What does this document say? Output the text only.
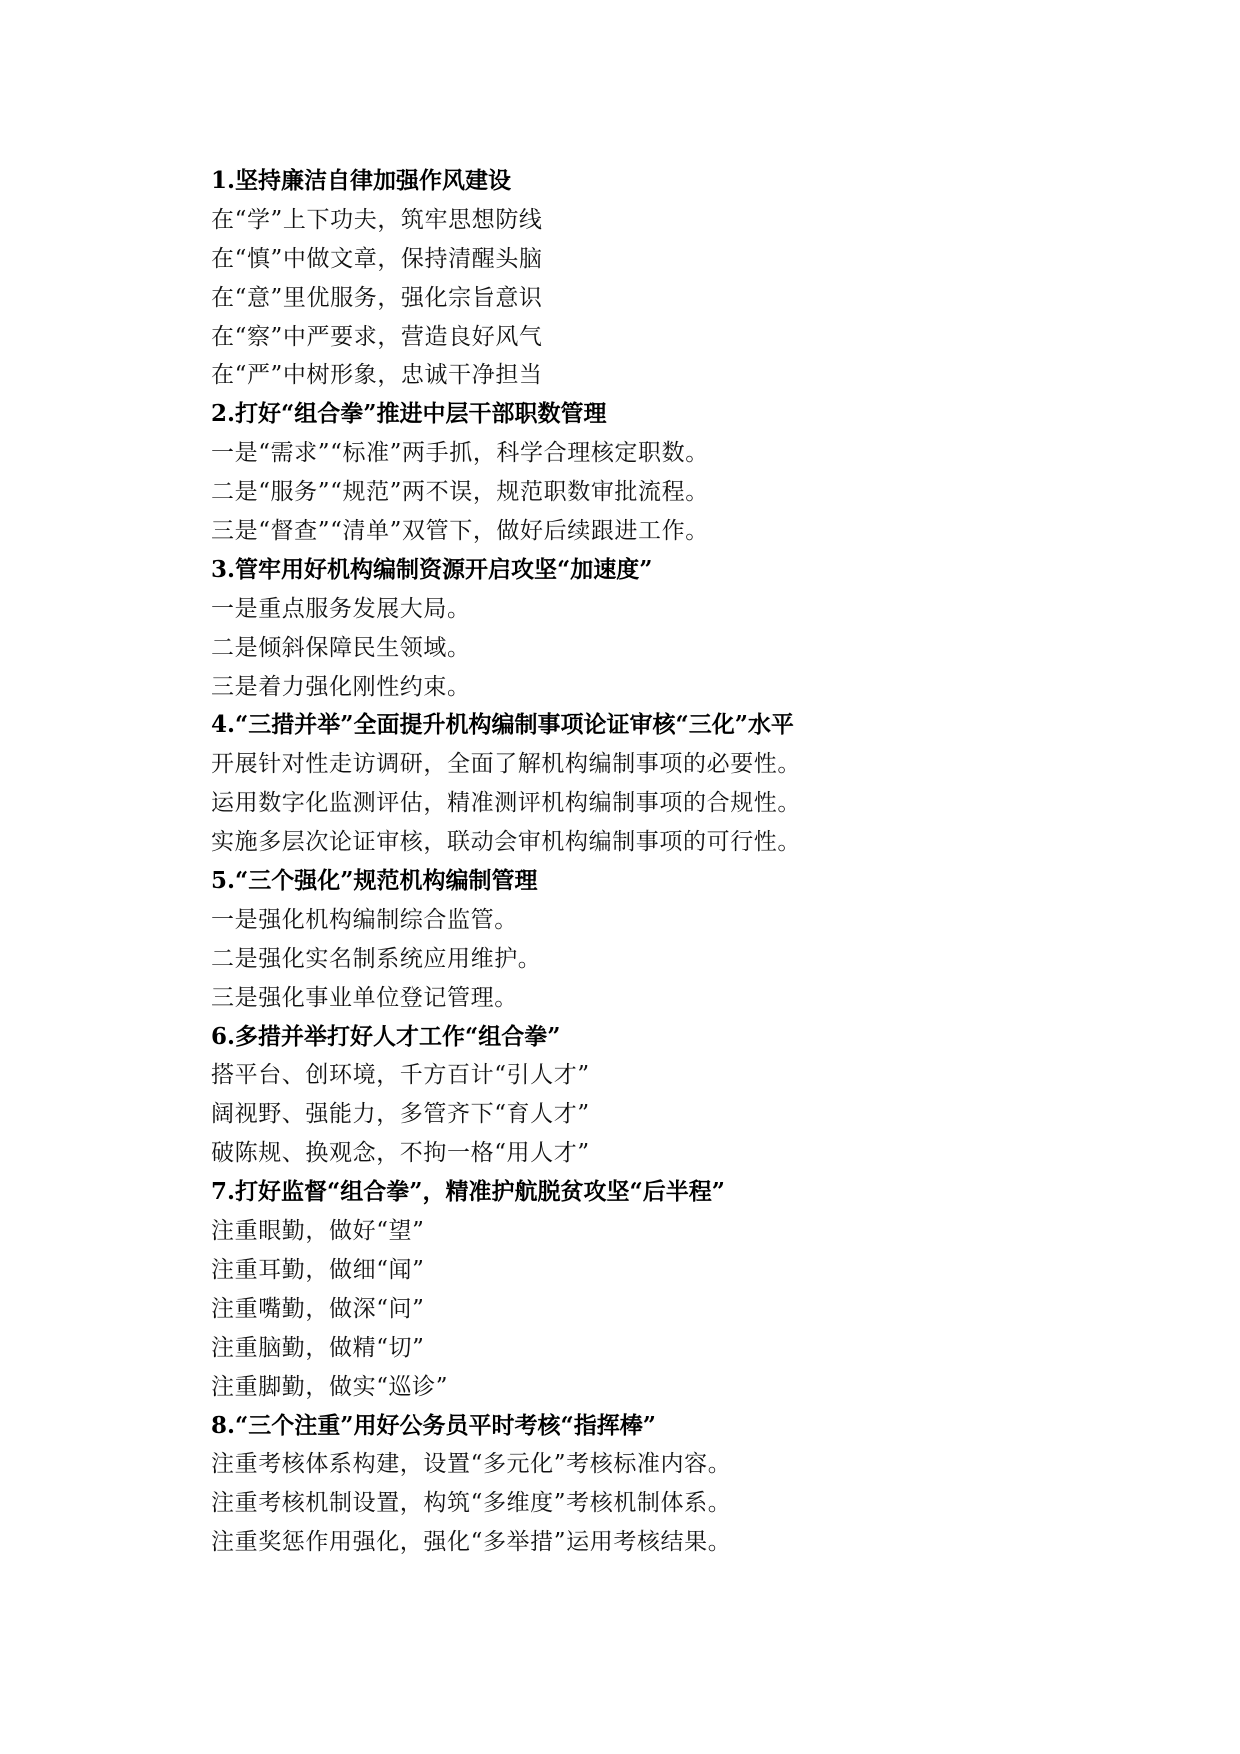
1.坚持廉洁自律加强作风建设
在“学”上下功夫，筑牢思想防线
在“慎”中做文章，保持清醒头脑
在“意”里优服务，强化宗旨意识
在“察”中严要求，营造良好风气
在“严”中树形象，忠诚干净担当
2.打好“组合拳”推进中层干部职数管理
一是“需求”“标准”两手抓，科学合理核定职数。
二是“服务”“规范”两不误，规范职数审批流程。
三是“督查”“清单”双管下，做好后续跟进工作。
3.管牢用好机构编制资源开启攻坚“加速度”
一是重点服务发展大局。
二是倾斜保障民生领域。
三是着力强化刚性约束。
4.“三措并举”全面提升机构编制事项论证审核“三化”水平
开展针对性走访调研，全面了解机构编制事项的必要性。
运用数字化监测评估，精准测评机构编制事项的合规性。
实施多层次论证审核，联动会审机构编制事项的可行性。
5.“三个强化”规范机构编制管理
一是强化机构编制综合监管。
二是强化实名制系统应用维护。
三是强化事业单位登记管理。
6.多措并举打好人才工作“组合拳”
搭平台、创环境，千方百计“引人才”
阔视野、强能力，多管齐下“育人才”
破陈规、换观念，不拘一格“用人才”
7.打好监督“组合拳”，精准护航脱贫攻坚“后半程”
注重眼勤，做好“望”
注重耳勤，做细“闻”
注重嘴勤，做深“问”
注重脑勤，做精“切”
注重脚勤，做实“巡诊”
8.“三个注重”用好公务员平时考核“指挥棒”
注重考核体系构建，设置“多元化”考核标准内容。
注重考核机制设置，构筑“多维度”考核机制体系。
注重奖惩作用强化，强化“多举措”运用考核结果。
